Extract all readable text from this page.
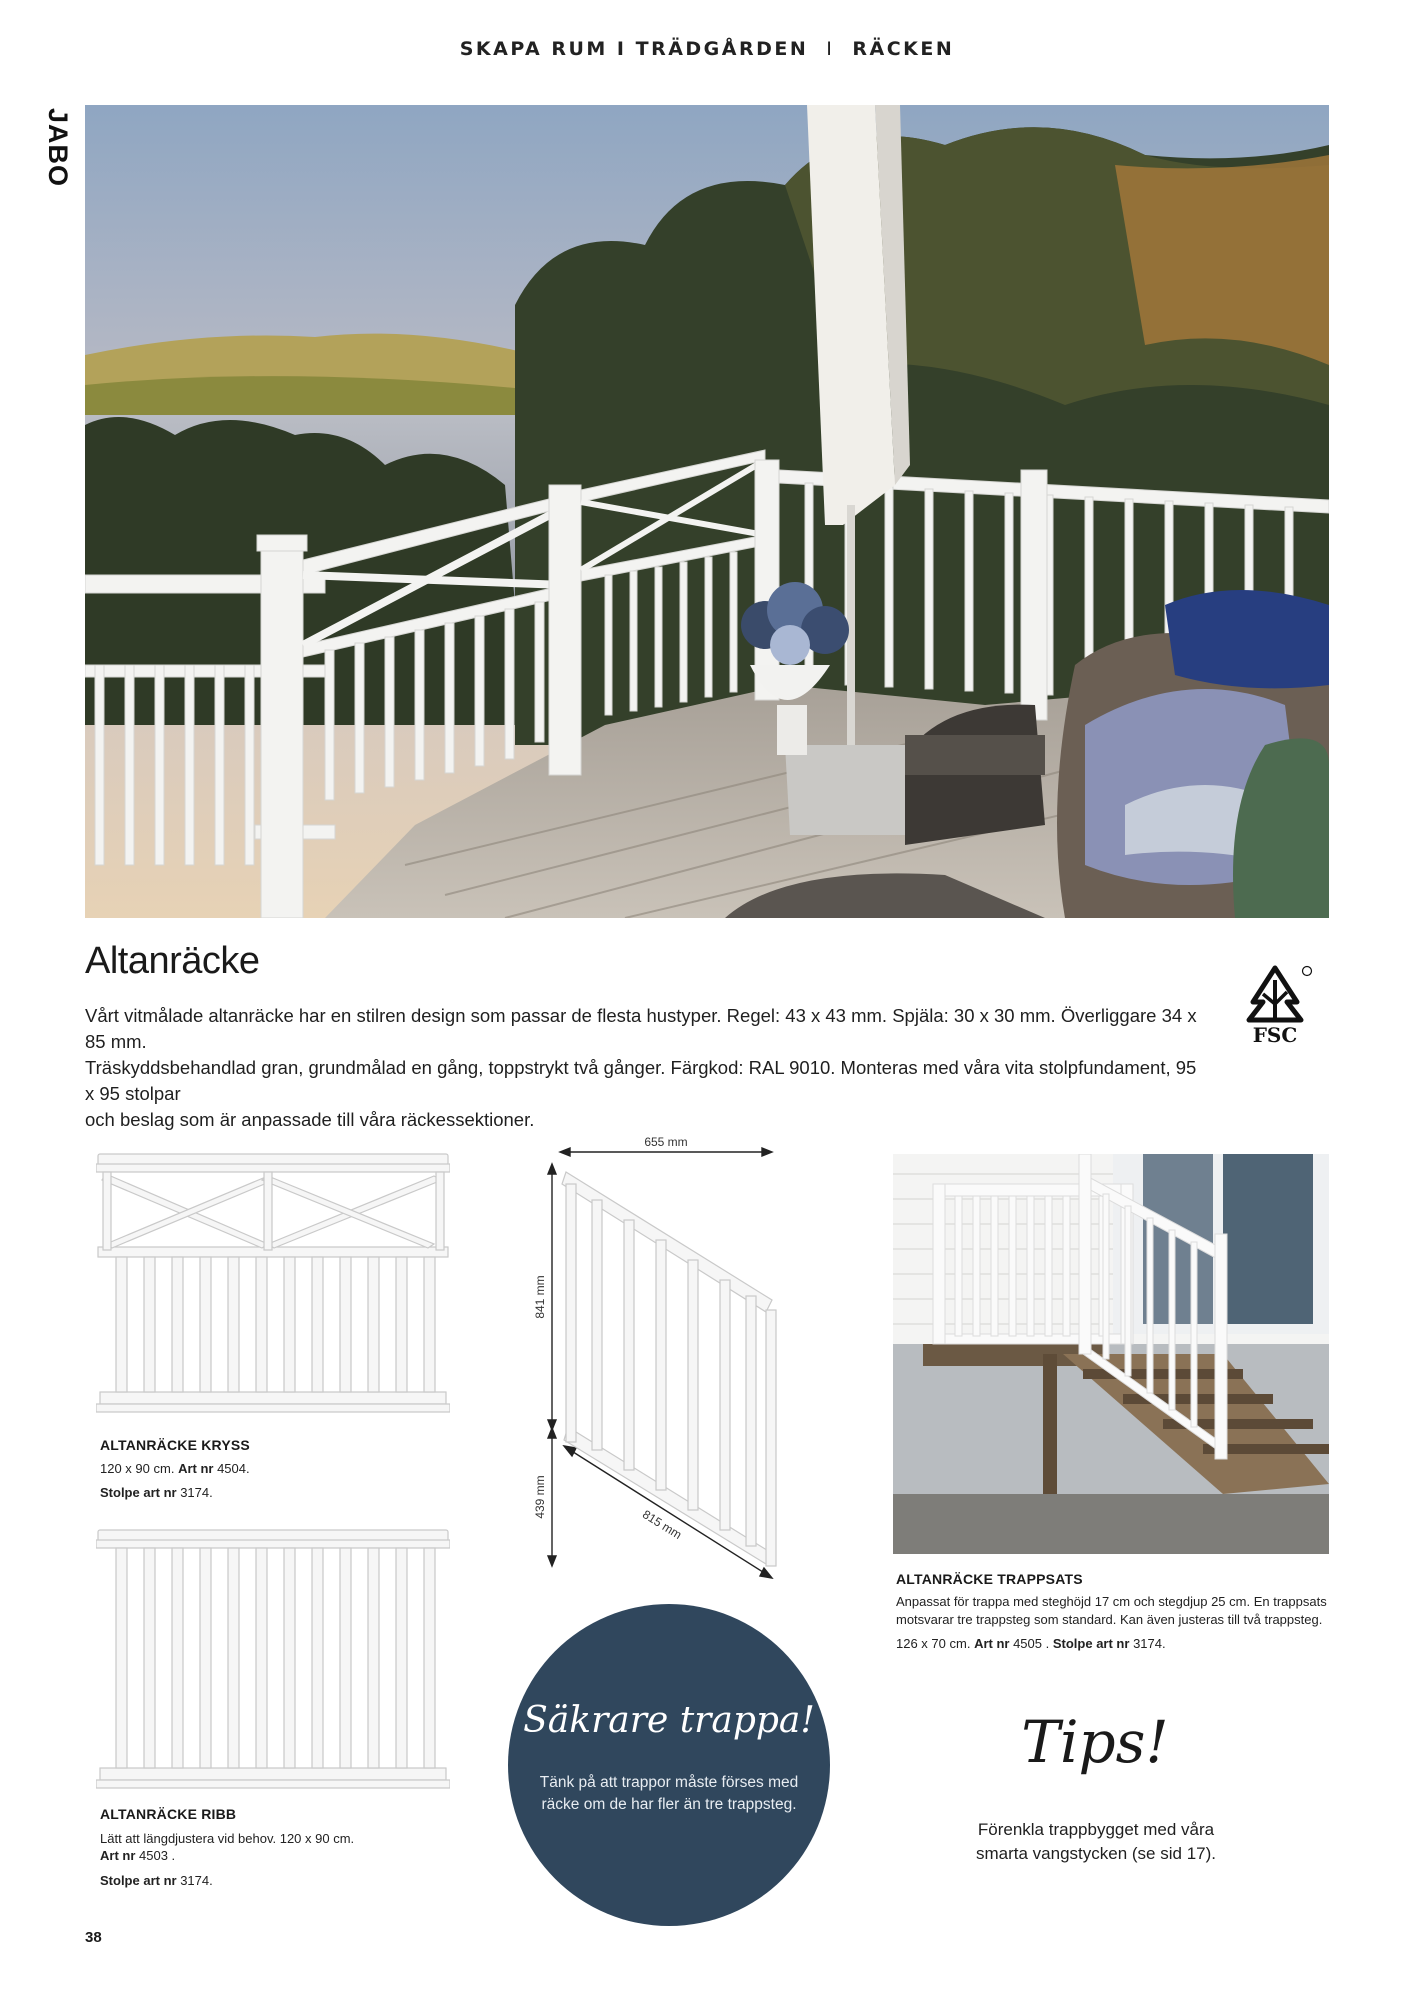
SKAPA RUM I TRÄDGÅRDEN I RÄCKEN
JABO
Altanräcke
Vårt vitmålade altanräcke har en stilren design som passar de flesta hustyper. Regel: 43 x 43 mm. Spjäla: 30 x 30 mm. Överliggare 34 x 85 mm.
Träskyddsbehandlad gran, grundmålad en gång, toppstrykt två gånger. Färgkod: RAL 9010. Monteras med våra vita stolpfundament, 95 x 95 stolpar
och beslag som är anpassade till våra räckessektioner.
FSC
ALTANRÄCKE KRYSS
120 x 90 cm. Art nr 4504.
Stolpe art nr 3174.
ALTANRÄCKE RIBB
Lätt att längdjustera vid behov. 120 x 90 cm.
Art nr 4503 .
Stolpe art nr 3174.
655 mm
841 mm
439 mm
815 mm
ALTANRÄCKE TRAPPSATS
Anpassat för trappa med steghöjd 17 cm och stegdjup 25 cm. En trappsats
motsvarar tre trappsteg som standard. Kan även justeras till två trappsteg.
126 x 70 cm. Art nr 4505 . Stolpe art nr 3174.
Säkrare trappa!
Tänk på att trappor måste förses med räcke om de har fler än tre trappsteg.
Tips!
Förenkla trappbygget med våra smarta vangstycken (se sid 17).
38
